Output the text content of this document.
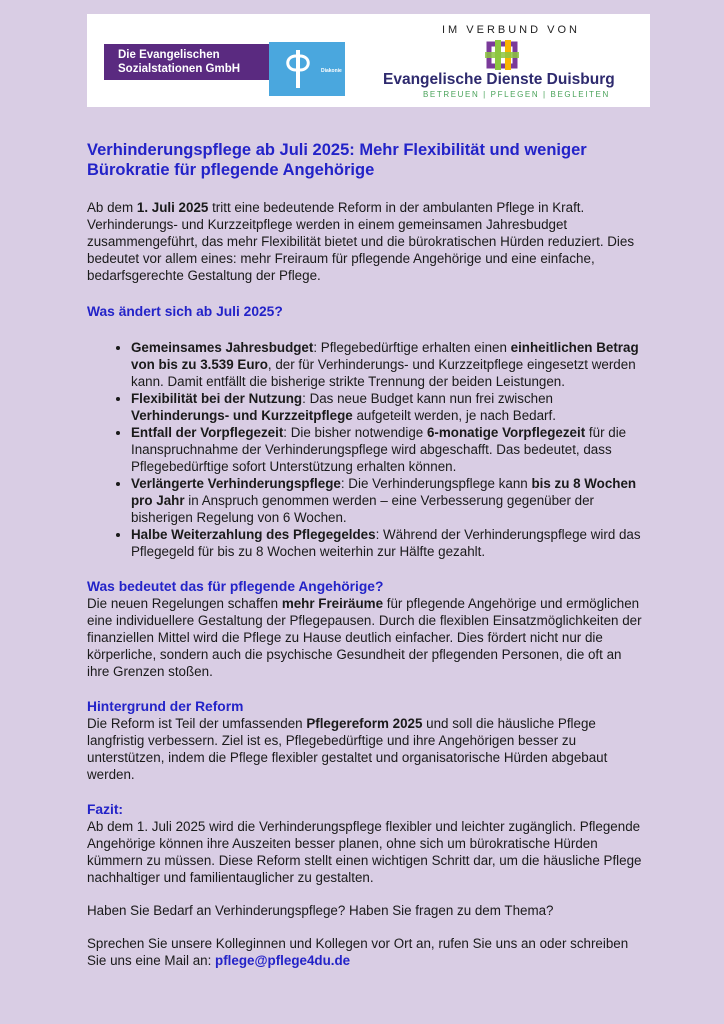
Die Evangelischen
Sozialstationen GmbH	Diakonie
IM VERBUND VON
Evangelische Dienste Duisburg
BETREUEN | PFLEGEN | BEGLEITEN
Verhinderungspflege ab Juli 2025: Mehr Flexibilität und weniger Bürokratie für pflegende Angehörige

Ab dem 1. Juli 2025 tritt eine bedeutende Reform in der ambulanten Pflege in Kraft. Verhinderungs- und Kurzzeitpflege werden in einem gemeinsamen Jahresbudget zusammengeführt, das mehr Flexibilität bietet und die bürokratischen Hürden reduziert. Dies bedeutet vor allem eines: mehr Freiraum für pflegende Angehörige und eine einfache, bedarfsgerechte Gestaltung der Pflege.

Was ändert sich ab Juli 2025?
• Gemeinsames Jahresbudget: Pflegebedürftige erhalten einen einheitlichen Betrag von bis zu 3.539 Euro, der für Verhinderungs- und Kurzzeitpflege eingesetzt werden kann. Damit entfällt die bisherige strikte Trennung der beiden Leistungen.
• Flexibilität bei der Nutzung: Das neue Budget kann nun frei zwischen Verhinderungs- und Kurzzeitpflege aufgeteilt werden, je nach Bedarf.
• Entfall der Vorpflegezeit: Die bisher notwendige 6-monatige Vorpflegezeit für die Inanspruchnahme der Verhinderungspflege wird abgeschafft. Das bedeutet, dass Pflegebedürftige sofort Unterstützung erhalten können.
• Verlängerte Verhinderungspflege: Die Verhinderungspflege kann bis zu 8 Wochen pro Jahr in Anspruch genommen werden – eine Verbesserung gegenüber der bisherigen Regelung von 6 Wochen.
• Halbe Weiterzahlung des Pflegegeldes: Während der Verhinderungspflege wird das Pflegegeld für bis zu 8 Wochen weiterhin zur Hälfte gezahlt.
Was bedeutet das für pflegende Angehörige?

Die neuen Regelungen schaffen mehr Freiräume für pflegende Angehörige und ermöglichen eine individuellere Gestaltung der Pflegepausen. Durch die flexiblen Einsatzmöglichkeiten der finanziellen Mittel wird die Pflege zu Hause deutlich einfacher. Dies fördert nicht nur die körperliche, sondern auch die psychische Gesundheit der pflegenden Personen, die oft an ihre Grenzen stoßen.

Hintergrund der Reform

Die Reform ist Teil der umfassenden Pflegereform 2025 und soll die häusliche Pflege langfristig verbessern. Ziel ist es, Pflegebedürftige und ihre Angehörigen besser zu unterstützen, indem die Pflege flexibler gestaltet und organisatorische Hürden abgebaut werden.

Fazit:

Ab dem 1. Juli 2025 wird die Verhinderungspflege flexibler und leichter zugänglich. Pflegende Angehörige können ihre Auszeiten besser planen, ohne sich um bürokratische Hürden kümmern zu müssen. Diese Reform stellt einen wichtigen Schritt dar, um die häusliche Pflege nachhaltiger und familientauglicher zu gestalten.

Haben Sie Bedarf an Verhinderungspflege? Haben Sie fragen zu dem Thema?

Sprechen Sie unsere Kolleginnen und Kollegen vor Ort an, rufen Sie uns an oder schreiben Sie uns eine Mail an: pflege@pflege4du.de
